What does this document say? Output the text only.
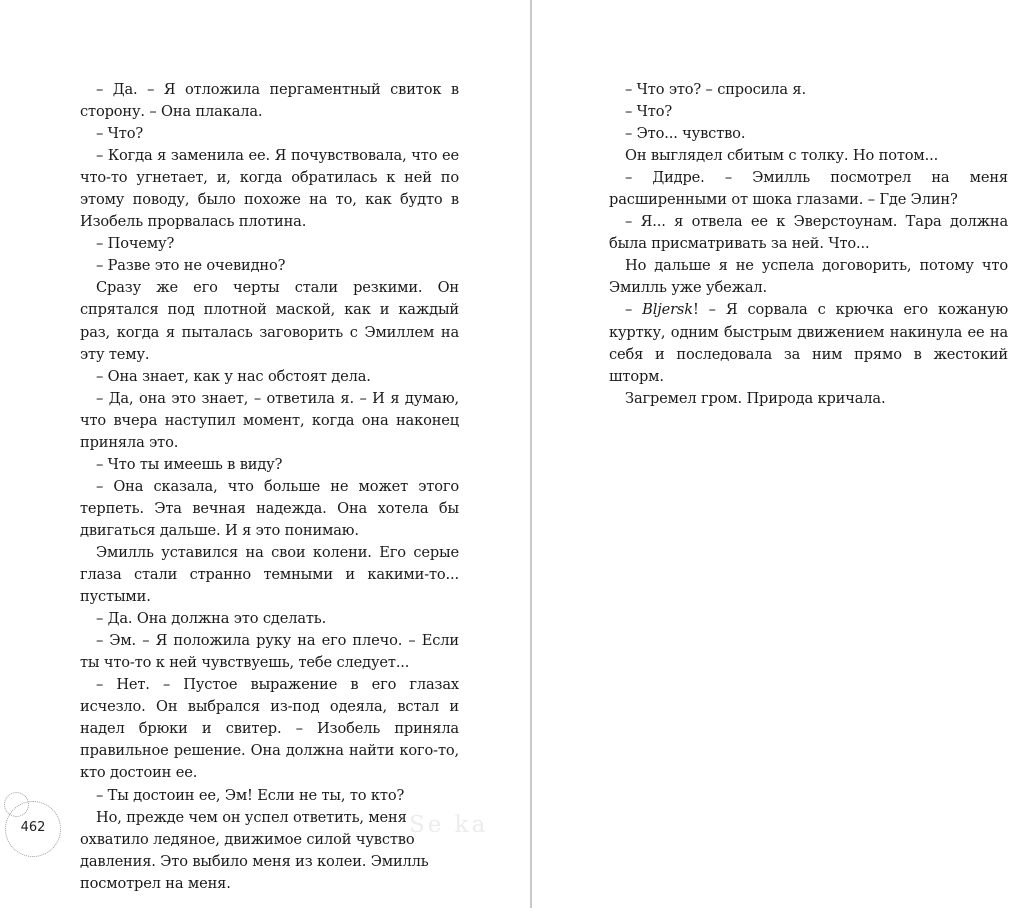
– Да. – Я отложила пергаментный свиток в сторону. – Она плакала.

– Что?

– Когда я заменила ее. Я почувствовала, что ее что-то угнетает, и, когда обратилась к ней по этому поводу, было похоже на то, как будто в Изобель прорвалась плотина.

– Почему?

– Разве это не очевидно?

Сразу же его черты стали резкими. Он спрятался под плотной маской, как и каждый раз, когда я пыталась заговорить с Эмиллем на эту тему.

– Она знает, как у нас обстоят дела.

– Да, она это знает, – ответила я. – И я думаю, что вчера наступил момент, когда она наконец приняла это.

– Что ты имеешь в виду?

– Она сказала, что больше не может этого терпеть. Эта вечная надежда. Она хотела бы двигаться дальше. И я это понимаю.

Эмилль уставился на свои колени. Его серые глаза стали странно темными и какими-то... пустыми.

– Да. Она должна это сделать.

– Эм. – Я положила руку на его плечо. – Если ты что-то к ней чувствуешь, тебе следует...

– Нет. – Пустое выражение в его глазах исчезло. Он выбрался из-под одеяла, встал и надел брюки и свитер. – Изобель приняла правильное решение. Она должна найти кого-то, кто достоин ее.

– Ты достоин ее, Эм! Если не ты, то кто?

Но, прежде чем он успел ответить, меня охватило ледяное, движимое силой чувство давления. Это выбило меня из колеи. Эмилль посмотрел на меня.

– Что это? – спросила я.

– Что?

– Это... чувство.

Он выглядел сбитым с толку. Но потом...

– Дидре. – Эмилль посмотрел на меня расширенными от шока глазами. – Где Элин?

– Я... я отвела ее к Эверстоунам. Тара должна была присматривать за ней. Что...

Но дальше я не успела договорить, потому что Эмилль уже убежал.

– Bljersk! – Я сорвала с крючка его кожаную куртку, одним быстрым движением накинула ее на себя и последовала за ним прямо в жестокий шторм.

Загремел гром. Природа кричала.

462	Se ka
